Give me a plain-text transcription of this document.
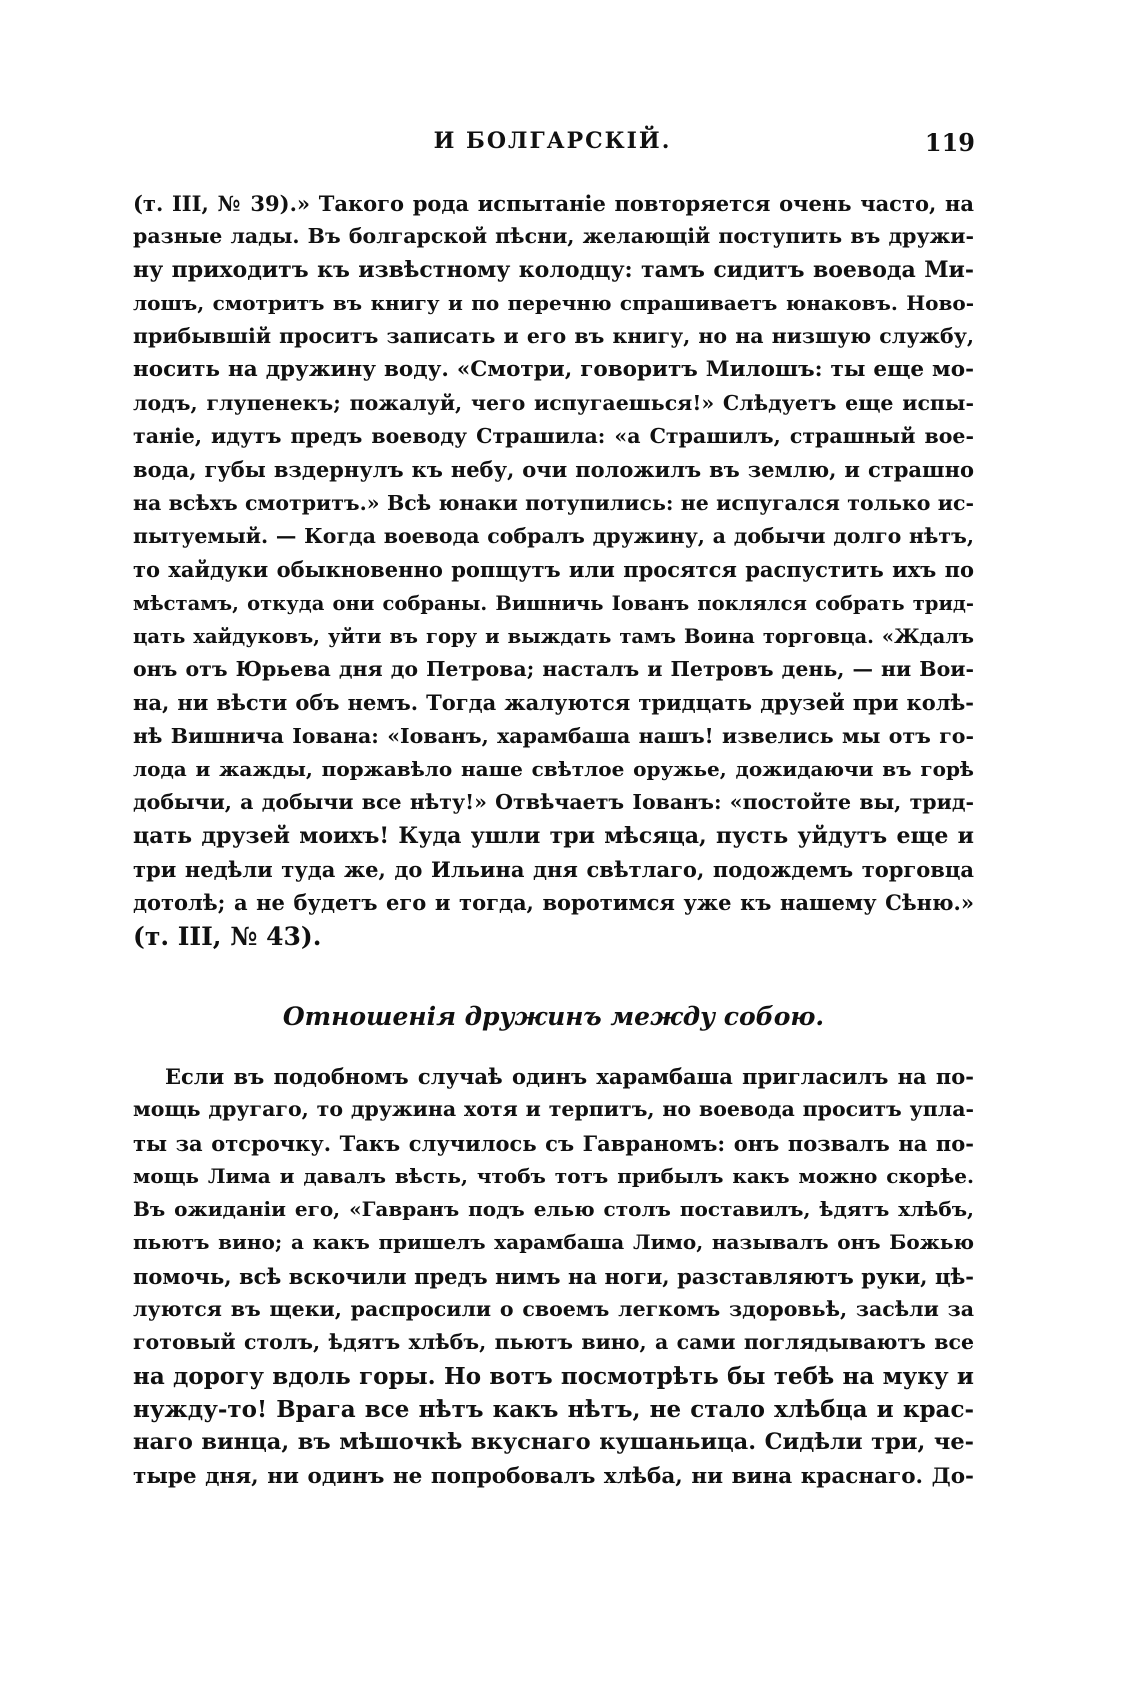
И БОЛГАРСКІЙ.	119
(т. III, № 39).» Такого рода испытаніе повторяется очень часто, на
разные лады. Въ болгарской пѣсни, желающій поступить въ дружи-
ну приходитъ къ извѣстному колодцу: тамъ сидитъ воевода Ми-
лошъ, смотритъ въ книгу и по перечню спрашиваетъ юнаковъ. Ново-
прибывшій проситъ записать и его въ книгу, но на низшую службу,
носить на дружину воду. «Смотри, говоритъ Милошъ: ты еще мо-
лодъ, глупенекъ; пожалуй, чего испугаешься!» Слѣдуетъ еще испы-
таніе, идутъ предъ воеводу Страшила: «а Страшилъ, страшный вое-
вода, губы вздернулъ къ небу, очи положилъ въ землю, и страшно
на всѣхъ смотритъ.» Всѣ юнаки потупились: не испугался только ис-
пытуемый. — Когда воевода собралъ дружину, а добычи долго нѣтъ,
то хайдуки обыкновенно ропщутъ или просятся распустить ихъ по
мѣстамъ, откуда они собраны. Вишничь Іованъ поклялся собрать трид-
цать хайдуковъ, уйти въ гору и выждать тамъ Воина торговца. «Ждалъ
онъ отъ Юрьева дня до Петрова; насталъ и Петровъ день, — ни Вои-
на, ни вѣсти объ немъ. Тогда жалуются тридцать друзей при колѣ-
нѣ Вишнича Іована: «Іованъ, харамбаша нашъ! извелись мы отъ го-
лода и жажды, поржавѣло наше свѣтлое оружье, дожидаючи въ горѣ
добычи, а добычи все нѣту!» Отвѣчаетъ Іованъ: «постойте вы, трид-
цать друзей моихъ! Куда ушли три мѣсяца, пусть уйдутъ еще и
три недѣли туда же, до Ильина дня свѣтлаго, подождемъ торговца
дотолѣ; а не будетъ его и тогда, воротимся уже къ нашему Сѣню.»
(т. III, № 43).
Отношенія дружинъ между собою.
Если въ подобномъ случаѣ одинъ харамбаша пригласилъ на по-
мощь другаго, то дружина хотя и терпитъ, но воевода проситъ упла-
ты за отсрочку. Такъ случилось съ Гавраномъ: онъ позвалъ на по-
мощь Лима и давалъ вѣсть, чтобъ тотъ прибылъ какъ можно скорѣе.
Въ ожиданіи его, «Гавранъ подъ елью столъ поставилъ, ѣдятъ хлѣбъ,
пьютъ вино; а какъ пришелъ харамбаша Лимо, называлъ онъ Божью
помочь, всѣ вскочили предъ нимъ на ноги, разставляютъ руки, цѣ-
луются въ щеки, распросили о своемъ легкомъ здоровьѣ, засѣли за
готовый столъ, ѣдятъ хлѣбъ, пьютъ вино, а сами поглядываютъ все
на дорогу вдоль горы. Но вотъ посмотрѣть бы тебѣ на муку и
нужду-то! Врага все нѣтъ какъ нѣтъ, не стало хлѣбца и крас-
наго винца, въ мѣшочкѣ вкуснаго кушаньица. Сидѣли три, че-
тыре дня, ни одинъ не попробовалъ хлѣба, ни вина краснаго. До-
